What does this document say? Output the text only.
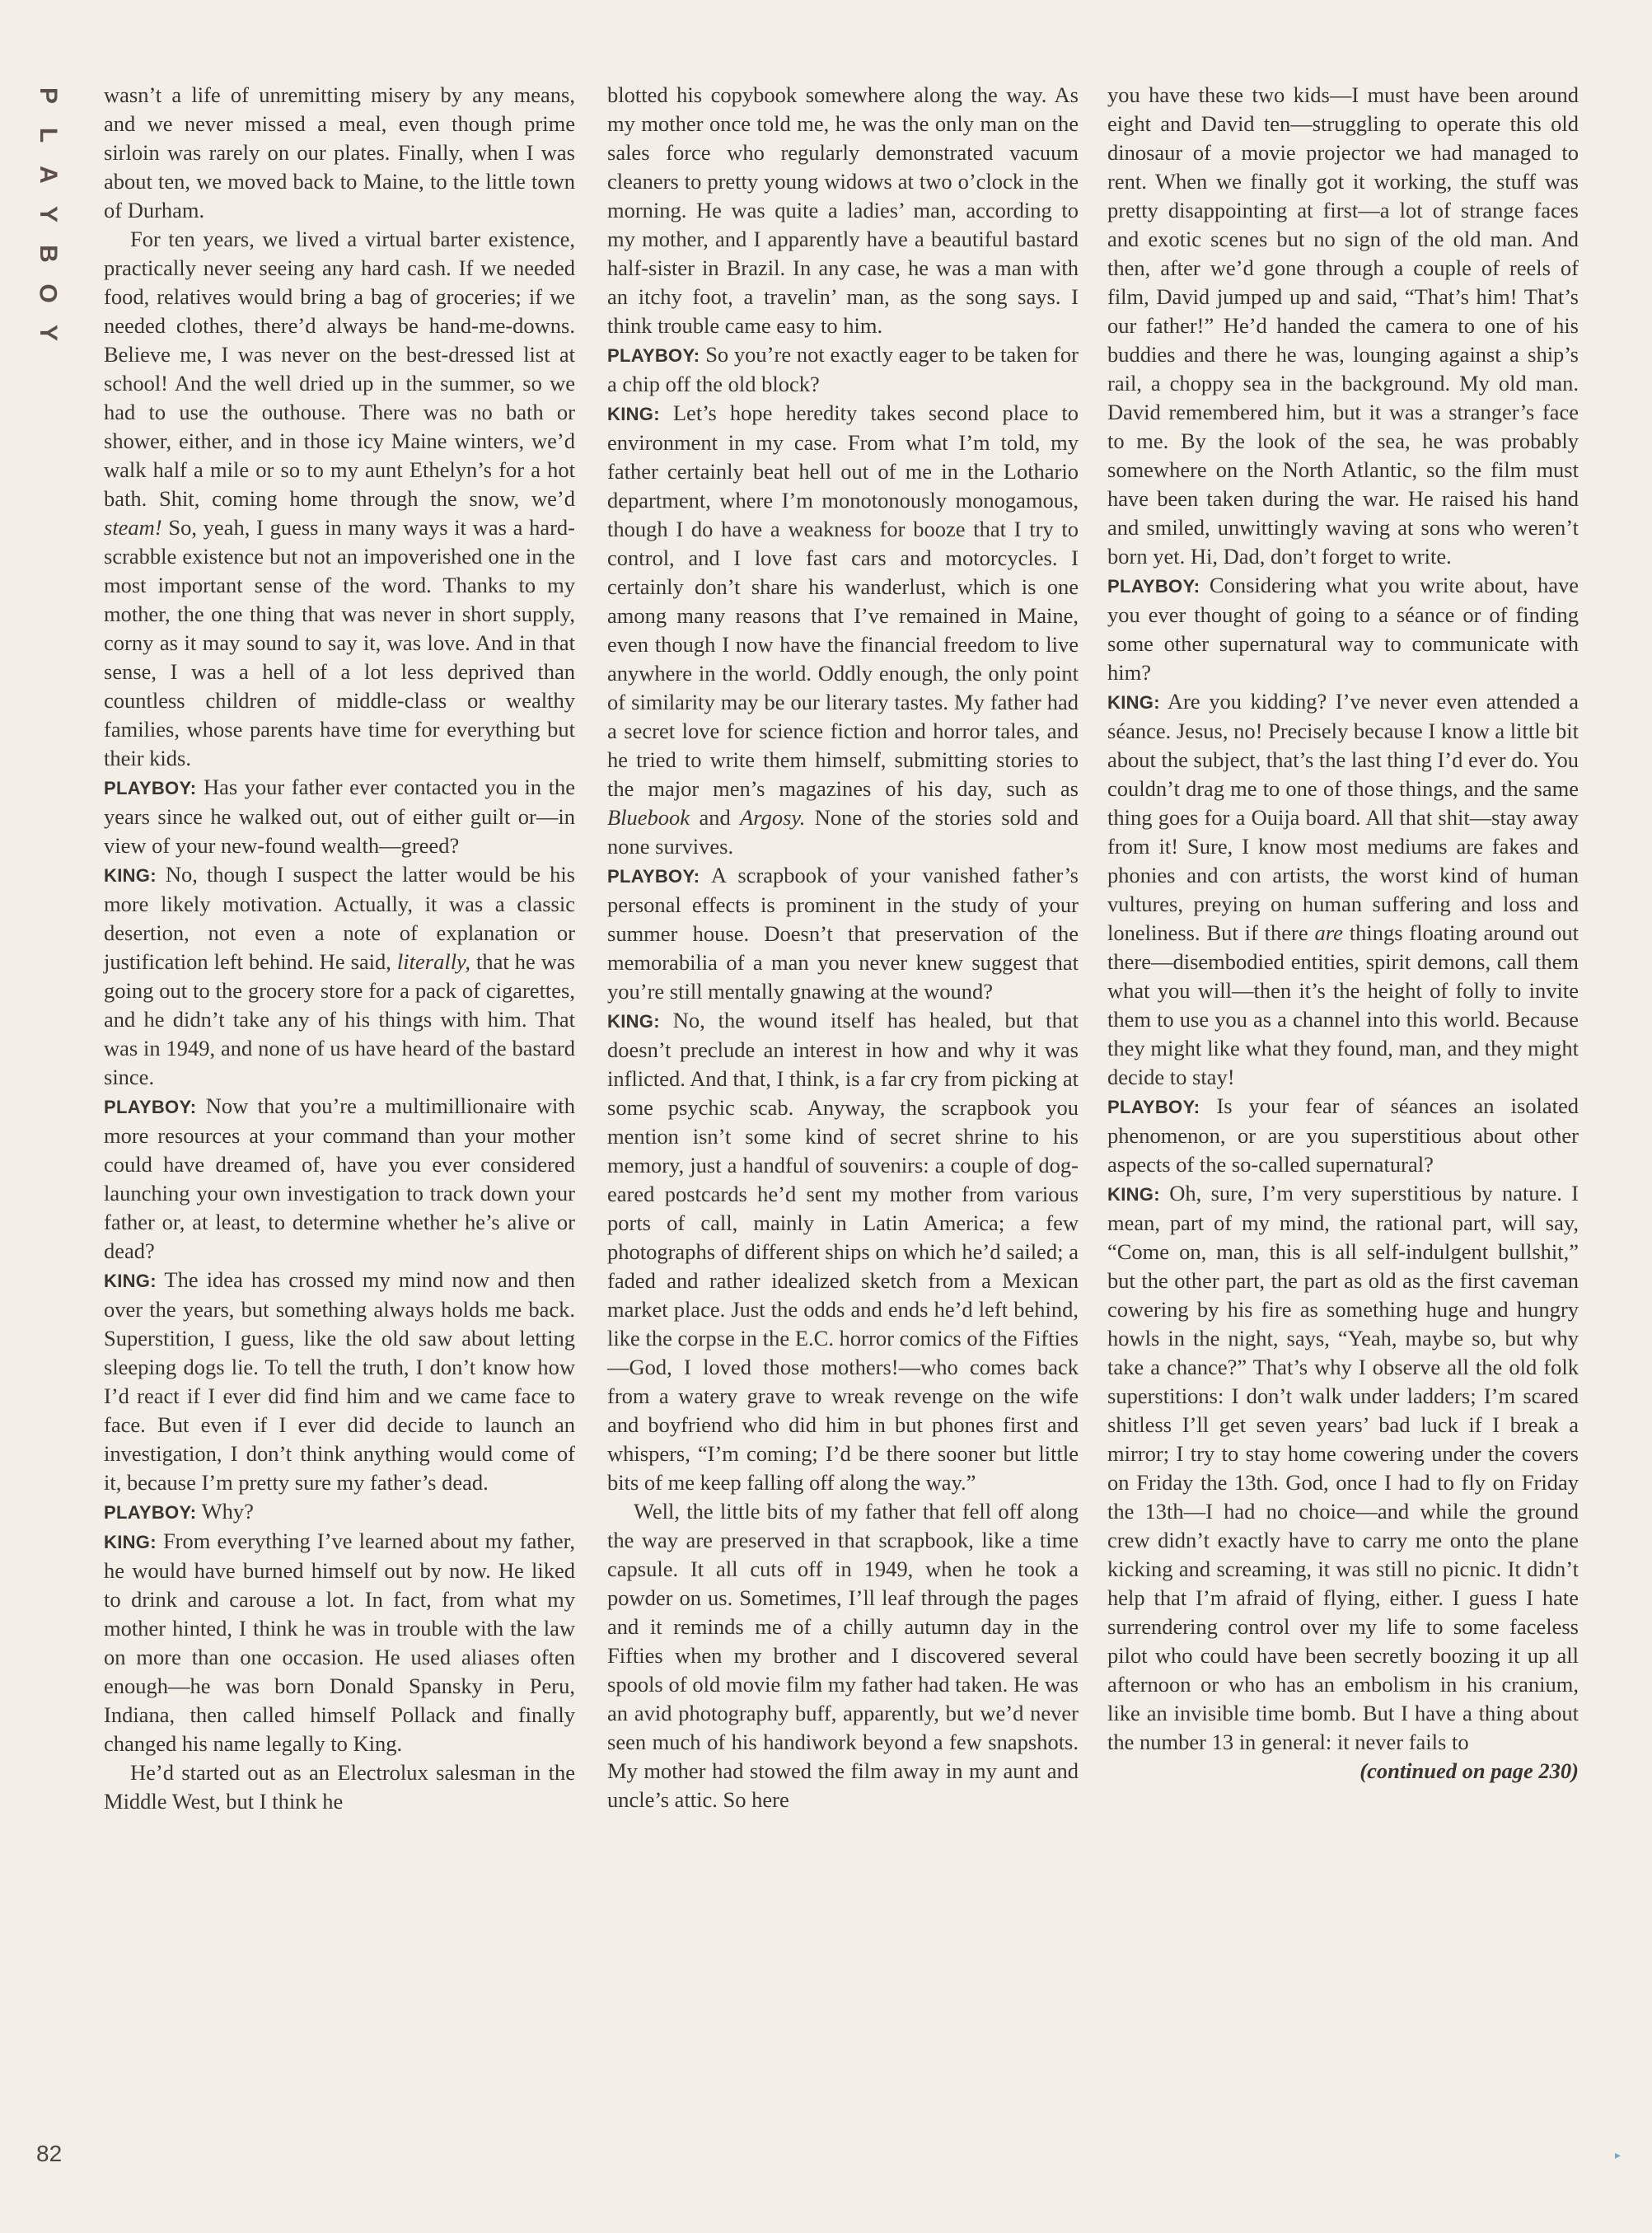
P
L
A
Y
B
O
Y

wasn’t a life of unremitting misery by any means, and we never missed a meal, even though prime sirloin was rarely on our plates. Finally, when I was about ten, we moved back to Maine, to the little town of Durham.

For ten years, we lived a virtual barter existence, practically never seeing any hard cash. If we needed food, relatives would bring a bag of groceries; if we needed clothes, there’d always be hand-me-downs. Believe me, I was never on the best-dressed list at school! And the well dried up in the summer, so we had to use the outhouse. There was no bath or shower, either, and in those icy Maine winters, we’d walk half a mile or so to my aunt Ethelyn’s for a hot bath. Shit, coming home through the snow, we’d steam! So, yeah, I guess in many ways it was a hard-scrabble existence but not an impoverished one in the most important sense of the word. Thanks to my mother, the one thing that was never in short supply, corny as it may sound to say it, was love. And in that sense, I was a hell of a lot less deprived than countless children of middle-class or wealthy families, whose parents have time for everything but their kids.

PLAYBOY: Has your father ever contacted you in the years since he walked out, out of either guilt or—in view of your new-found wealth—greed?

KING: No, though I suspect the latter would be his more likely motivation. Actually, it was a classic desertion, not even a note of explanation or justification left behind. He said, literally, that he was going out to the grocery store for a pack of cigarettes, and he didn’t take any of his things with him. That was in 1949, and none of us have heard of the bastard since.

PLAYBOY: Now that you’re a multimillionaire with more resources at your command than your mother could have dreamed of, have you ever considered launching your own investigation to track down your father or, at least, to determine whether he’s alive or dead?

KING: The idea has crossed my mind now and then over the years, but something always holds me back. Superstition, I guess, like the old saw about letting sleeping dogs lie. To tell the truth, I don’t know how I’d react if I ever did find him and we came face to face. But even if I ever did decide to launch an investigation, I don’t think anything would come of it, because I’m pretty sure my father’s dead.

PLAYBOY: Why?

KING: From everything I’ve learned about my father, he would have burned himself out by now. He liked to drink and carouse a lot. In fact, from what my mother hinted, I think he was in trouble with the law on more than one occasion. He used aliases often enough—he was born Donald Spansky in Peru, Indiana, then called himself Pollack and finally changed his name legally to King.

He’d started out as an Electrolux salesman in the Middle West, but I think he

blotted his copybook somewhere along the way. As my mother once told me, he was the only man on the sales force who regularly demonstrated vacuum cleaners to pretty young widows at two o’clock in the morning. He was quite a ladies’ man, according to my mother, and I apparently have a beautiful bastard half-sister in Brazil. In any case, he was a man with an itchy foot, a travelin’ man, as the song says. I think trouble came easy to him.

PLAYBOY: So you’re not exactly eager to be taken for a chip off the old block?

KING: Let’s hope heredity takes second place to environment in my case. From what I’m told, my father certainly beat hell out of me in the Lothario department, where I’m monotonously monogamous, though I do have a weakness for booze that I try to control, and I love fast cars and motorcycles. I certainly don’t share his wanderlust, which is one among many reasons that I’ve remained in Maine, even though I now have the financial freedom to live anywhere in the world. Oddly enough, the only point of similarity may be our literary tastes. My father had a secret love for science fiction and horror tales, and he tried to write them himself, submitting stories to the major men’s magazines of his day, such as Bluebook and Argosy. None of the stories sold and none survives.

PLAYBOY: A scrapbook of your vanished father’s personal effects is prominent in the study of your summer house. Doesn’t that preservation of the memorabilia of a man you never knew suggest that you’re still mentally gnawing at the wound?

KING: No, the wound itself has healed, but that doesn’t preclude an interest in how and why it was inflicted. And that, I think, is a far cry from picking at some psychic scab. Anyway, the scrapbook you mention isn’t some kind of secret shrine to his memory, just a handful of souvenirs: a couple of dog-eared postcards he’d sent my mother from various ports of call, mainly in Latin America; a few photographs of different ships on which he’d sailed; a faded and rather idealized sketch from a Mexican market place. Just the odds and ends he’d left behind, like the corpse in the E.C. horror comics of the Fifties—God, I loved those mothers!—who comes back from a watery grave to wreak revenge on the wife and boyfriend who did him in but phones first and whispers, “I’m coming; I’d be there sooner but little bits of me keep falling off along the way.”

Well, the little bits of my father that fell off along the way are preserved in that scrapbook, like a time capsule. It all cuts off in 1949, when he took a powder on us. Sometimes, I’ll leaf through the pages and it reminds me of a chilly autumn day in the Fifties when my brother and I discovered several spools of old movie film my father had taken. He was an avid photography buff, apparently, but we’d never seen much of his handiwork beyond a few snapshots. My mother had stowed the film away in my aunt and uncle’s attic. So here

you have these two kids—I must have been around eight and David ten—struggling to operate this old dinosaur of a movie projector we had managed to rent. When we finally got it working, the stuff was pretty disappointing at first—a lot of strange faces and exotic scenes but no sign of the old man. And then, after we’d gone through a couple of reels of film, David jumped up and said, “That’s him! That’s our father!” He’d handed the camera to one of his buddies and there he was, lounging against a ship’s rail, a choppy sea in the background. My old man. David remembered him, but it was a stranger’s face to me. By the look of the sea, he was probably somewhere on the North Atlantic, so the film must have been taken during the war. He raised his hand and smiled, unwittingly waving at sons who weren’t born yet. Hi, Dad, don’t forget to write.

PLAYBOY: Considering what you write about, have you ever thought of going to a séance or of finding some other supernatural way to communicate with him?

KING: Are you kidding? I’ve never even attended a séance. Jesus, no! Precisely because I know a little bit about the subject, that’s the last thing I’d ever do. You couldn’t drag me to one of those things, and the same thing goes for a Ouija board. All that shit—stay away from it! Sure, I know most mediums are fakes and phonies and con artists, the worst kind of human vultures, preying on human suffering and loss and loneliness. But if there are things floating around out there—disembodied entities, spirit demons, call them what you will—then it’s the height of folly to invite them to use you as a channel into this world. Because they might like what they found, man, and they might decide to stay!

PLAYBOY: Is your fear of séances an isolated phenomenon, or are you superstitious about other aspects of the so-called supernatural?

KING: Oh, sure, I’m very superstitious by nature. I mean, part of my mind, the rational part, will say, “Come on, man, this is all self-indulgent bullshit,” but the other part, the part as old as the first caveman cowering by his fire as something huge and hungry howls in the night, says, “Yeah, maybe so, but why take a chance?” That’s why I observe all the old folk superstitions: I don’t walk under ladders; I’m scared shitless I’ll get seven years’ bad luck if I break a mirror; I try to stay home cowering under the covers on Friday the 13th. God, once I had to fly on Friday the 13th—I had no choice—and while the ground crew didn’t exactly have to carry me onto the plane kicking and screaming, it was still no picnic. It didn’t help that I’m afraid of flying, either. I guess I hate surrendering control over my life to some faceless pilot who could have been secretly boozing it up all afternoon or who has an embolism in his cranium, like an invisible time bomb. But I have a thing about the number 13 in general: it never fails to

(continued on page 230)

82	▸
